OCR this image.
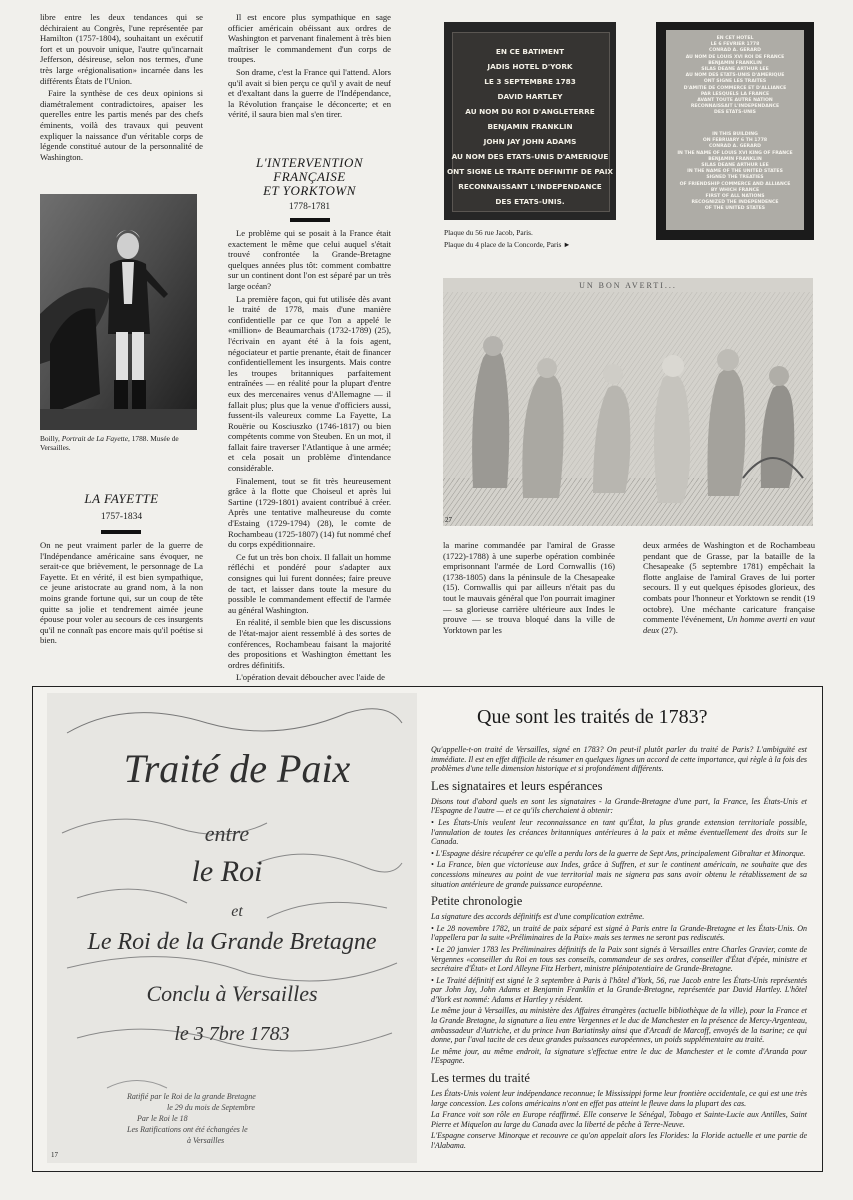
libre entre les deux tendances qui se déchiraient au Congrès, l'une représentée par Hamilton (1757-1804), souhaitant un exécutif fort et un pouvoir unique, l'autre qu'incarnait Jefferson, désireuse, selon nos termes, d'une très large «régionalisation» incarnée dans les différents États de l'Union.

Faire la synthèse de ces deux opinions si diamétralement contradictoires, apaiser les querelles entre les partis menés par des chefs éminents, voilà des travaux qui peuvent expliquer la naissance d'un véritable corps de légende constitué autour de la personnalité de Washington.

Boilly, Portrait de La Fayette, 1788. Musée de Versailles.
LA FAYETTE
1757-1834

On ne peut vraiment parler de la guerre de l'Indépendance américaine sans évoquer, ne serait-ce que brièvement, le personnage de La Fayette. Et en vérité, il est bien sympathique, ce jeune aristocrate au grand nom, à la non moins grande fortune qui, sur un coup de tête quitte sa jolie et tendrement aimée jeune épouse pour voler au secours de ces insurgents qu'il ne connaît pas encore mais qu'il poétise si bien.

Il est encore plus sympathique en sage officier américain obéissant aux ordres de Washington et parvenant finalement à très bien maîtriser le commandement d'un corps de troupes.

Son drame, c'est la France qui l'attend. Alors qu'il avait si bien perçu ce qu'il y avait de neuf et d'exaltant dans la guerre de l'Indépendance, la Révolution française le déconcerte; et en vérité, il saura bien mal s'en tirer.

L'INTERVENTION
FRANÇAISE
ET YORKTOWN
1778-1781

Le problème qui se posait à la France était exactement le même que celui auquel s'était trouvé confrontée la Grande-Bretagne quelques années plus tôt: comment combattre sur un continent dont l'on est séparé par un très large océan?

La première façon, qui fut utilisée dès avant le traité de 1778, mais d'une manière confidentielle par ce que l'on a appelé le «million» de Beaumarchais (1732-1789) (25), l'écrivain en ayant été à la fois agent, négociateur et partie prenante, était de financer confidentiellement les insurgents. Mais contre les troupes britanniques parfaitement entraînées — en réalité pour la plupart d'entre eux des mercenaires venus d'Allemagne — il fallait plus; plus que la venue d'officiers aussi, fussent-ils valeureux comme La Fayette, La Rouërie ou Kosciuszko (1746-1817) ou bien compétents comme von Steuben. En un mot, il fallait faire traverser l'Atlantique à une armée; et cela posait un problème d'intendance considérable.

Finalement, tout se fit très heureusement grâce à la flotte que Choiseul et après lui Sartine (1729-1801) avaient contribué à créer. Après une tentative malheureuse du comte d'Estaing (1729-1794) (28), le comte de Rochambeau (1725-1807) (14) fut nommé chef du corps expéditionnaire.

Ce fut un très bon choix. Il fallait un homme réfléchi et pondéré pour s'adapter aux consignes qui lui furent données; faire preuve de tact, et laisser dans toute la mesure du possible le commandement effectif de l'armée au général Washington.

En réalité, il semble bien que les discussions de l'état-major aient ressemblé à des sortes de conférences, Rochambeau faisant la majorité des propositions et Washington émettant les ordres définitifs.

L'opération devait déboucher avec l'aide de

EN CE BATIMENT
JADIS HOTEL D'YORK
LE 3 SEPTEMBRE 1783
DAVID HARTLEY
AU NOM DU ROI D'ANGLETERRE
BENJAMIN FRANKLIN
JOHN JAY JOHN ADAMS
AU NOM DES ETATS-UNIS D'AMERIQUE
ONT SIGNE LE TRAITE DEFINITIF DE PAIX
RECONNAISSANT L'INDEPENDANCE
DES ETATS-UNIS.
Plaque du 56 rue Jacob, Paris.
Plaque du 4 place de la Concorde, Paris ►
EN CET HOTEL
LE 6 FEVRIER 1778
CONRAD A. GERARD
AU NOM DE LOUIS XVI ROI DE FRANCE
BENJAMIN FRANKLIN
SILAS DEANE ARTHUR LEE
AU NOM DES ETATS-UNIS D'AMERIQUE
ONT SIGNE LES TRAITES
D'AMITIE DE COMMERCE ET D'ALLIANCE
PAR LESQUELS LA FRANCE
AVANT TOUTE AUTRE NATION
RECONNAISSAIT L'INDEPENDANCE
DES ETATS-UNIS
IN THIS BUILDING
ON FEBRUARY 6 TH 1778
CONRAD A. GERARD
IN THE NAME OF LOUIS XVI KING OF FRANCE
BENJAMIN FRANKLIN
SILAS DEANE ARTHUR LEE
IN THE NAME OF THE UNITED STATES
SIGNED THE TREATIES
OF FRIENDSHIP COMMERCE AND ALLIANCE
BY WHICH FRANCE
FIRST OF ALL NATIONS
RECOGNIZED THE INDEPENDENCE
OF THE UNITED STATES
UN BON AVERTI...
27

la marine commandée par l'amiral de Grasse (1722)-1788) à une superbe opération combinée emprisonnant l'armée de Lord Cornwallis (16) (1738-1805) dans la péninsule de la Chesapeake (15). Cornwallis qui par ailleurs n'était pas du tout le mauvais général que l'on pourrait imaginer — sa glorieuse carrière ultérieure aux Indes le prouve — se trouva bloqué dans la ville de Yorktown par les

deux armées de Washington et de Rochambeau pendant que de Grasse, par la bataille de la Chesapeake (5 septembre 1781) empêchait la flotte anglaise de l'amiral Graves de lui porter secours. Il y eut quelques épisodes glorieux, des combats pour l'honneur et Yorktown se rendit (19 octobre). Une méchante caricature française commente l'événement, Un homme averti en vaut deux (27).

Traité de Paix
entre
le Roi
et
Le Roi de la Grande Bretagne
Conclu à Versailles
le 3 7bre 1783
Ratifié par le Roi de la grande Bretagne
le 29 du mois de Septembre
Par le Roi le 18
Les Ratifications ont été échangées le
à Versailles
17
Que sont les traités de 1783?

Qu'appelle-t-on traité de Versailles, signé en 1783? On peut-il plutôt parler du traité de Paris? L'ambiguïté est immédiate. Il est en effet difficile de résumer en quelques lignes un accord de cette importance, qui règle à la fois des problèmes d'une telle dimension historique et si profondément différents.

Les signataires et leurs espérances

Disons tout d'abord quels en sont les signataires - la Grande-Bretagne d'une part, la France, les États-Unis et l'Espagne de l'autre — et ce qu'ils cherchaient à obtenir:

• Les États-Unis veulent leur reconnaissance en tant qu'État, la plus grande extension territoriale possible, l'annulation de toutes les créances britanniques antérieures à la paix et même éventuellement des droits sur le Canada.

• L'Espagne désire récupérer ce qu'elle a perdu lors de la guerre de Sept Ans, principalement Gibraltar et Minorque.

• La France, bien que victorieuse aux Indes, grâce à Suffren, et sur le continent américain, ne souhaite que des concessions mineures au point de vue territorial mais ne signera pas sans avoir obtenu le rétablissement de sa situation antérieure de grande puissance européenne.

Petite chronologie

La signature des accords définitifs est d'une complication extrême.

• Le 28 novembre 1782, un traité de paix séparé est signé à Paris entre la Grande-Bretagne et les États-Unis. On l'appellera par la suite «Préliminaires de la Paix» mais ses termes ne seront pas rediscutés.

• Le 20 janvier 1783 les Préliminaires définitifs de la Paix sont signés à Versailles entre Charles Gravier, comte de Vergennes «conseiller du Roi en tous ses conseils, commandeur de ses ordres, conseiller d'État d'épée, ministre et secrétaire d'État» et Lord Alleyne Fitz Herbert, ministre plénipotentiaire de Grande-Bretagne.

• Le Traité définitif est signé le 3 septembre à Paris à l'hôtel d'York, 56, rue Jacob entre les États-Unis représentés par John Jay, John Adams et Benjamin Franklin et la Grande-Bretagne, représentée par David Hartley. L'hôtel d'York est nommé: Adams et Hartley y résident.

Le même jour à Versailles, au ministère des Affaires étrangères (actuelle bibliothèque de la ville), pour la France et la Grande Bretagne, la signature a lieu entre Vergennes et le duc de Manchester en la présence de Mercy-Argenteau, ambassadeur d'Autriche, et du prince Ivan Bariatinsky ainsi que d'Arcadi de Marcoff, envoyés de la tsarine; ce qui donne, par l'aval tacite de ces deux grandes puissances européennes, un poids supplémentaire au traité.

Le même jour, au même endroit, la signature s'effectue entre le duc de Manchester et le comte d'Aranda pour l'Espagne.

Les termes du traité

Les États-Unis voient leur indépendance reconnue; le Mississippi forme leur frontière occidentale, ce qui est une très large concession. Les colons américains n'ont en effet pas atteint le fleuve dans la plupart des cas.

La France voit son rôle en Europe réaffirmé. Elle conserve le Sénégal, Tobago et Sainte-Lucie aux Antilles, Saint Pierre et Miquelon au large du Canada avec la liberté de pêche à Terre-Neuve.

L'Espagne conserve Minorque et recouvre ce qu'on appelait alors les Florides: la Floride actuelle et une partie de l'Alabama.
